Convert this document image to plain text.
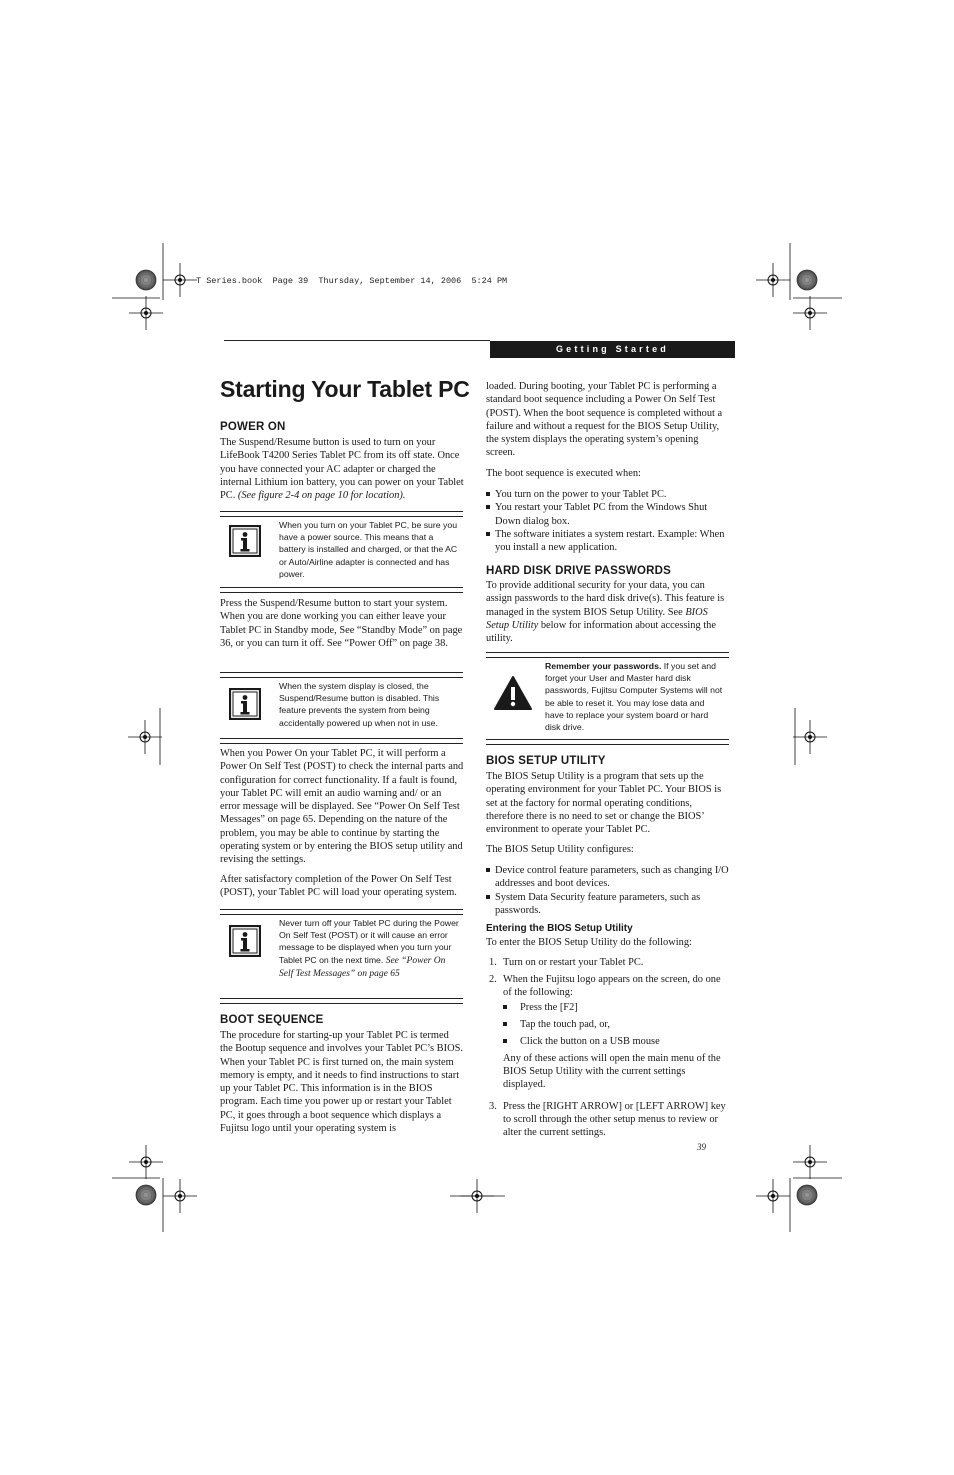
T Series.book  Page 39  Thursday, September 14, 2006  5:24 PM
Getting Started
Starting Your Tablet PC
POWER ON
The Suspend/Resume button is used to turn on your LifeBook T4200 Series Tablet PC from its off state. Once you have connected your AC adapter or charged the internal Lithium ion battery, you can power on your Tablet PC. (See figure 2-4 on page 10 for location).
When you turn on your Tablet PC, be sure you have a power source. This means that a battery is installed and charged, or that the AC or Auto/Airline adapter is connected and has power.
Press the Suspend/Resume button to start your system. When you are done working you can either leave your Tablet PC in Standby mode, See “Standby Mode” on page 36, or you can turn it off. See “Power Off” on page 38.
When the system display is closed, the Suspend/Resume button is disabled. This feature prevents the system from being accidentally powered up when not in use.
When you Power On your Tablet PC, it will perform a Power On Self Test (POST) to check the internal parts and configuration for correct functionality. If a fault is found, your Tablet PC will emit an audio warning and/ or an error message will be displayed. See “Power On Self Test Messages” on page 65. Depending on the nature of the problem, you may be able to continue by starting the operating system or by entering the BIOS setup utility and revising the settings.
After satisfactory completion of the Power On Self Test (POST), your Tablet PC will load your operating system.
Never turn off your Tablet PC during the Power On Self Test (POST) or it will cause an error message to be displayed when you turn your Tablet PC on the next time. See “Power On Self Test Messages” on page 65
BOOT SEQUENCE
The procedure for starting-up your Tablet PC is termed the Bootup sequence and involves your Tablet PC’s BIOS. When your Tablet PC is first turned on, the main system memory is empty, and it needs to find instructions to start up your Tablet PC. This information is in the BIOS program. Each time you power up or restart your Tablet PC, it goes through a boot sequence which displays a Fujitsu logo until your operating system is
loaded. During booting, your Tablet PC is performing a standard boot sequence including a Power On Self Test (POST). When the boot sequence is completed without a failure and without a request for the BIOS Setup Utility, the system displays the operating system’s opening screen.
The boot sequence is executed when:
You turn on the power to your Tablet PC.
You restart your Tablet PC from the Windows Shut Down dialog box.
The software initiates a system restart. Example: When you install a new application.
HARD DISK DRIVE PASSWORDS
To provide additional security for your data, you can assign passwords to the hard disk drive(s). This feature is managed in the system BIOS Setup Utility. See BIOS Setup Utility below for information about accessing the utility.
Remember your passwords. If you set and forget your User and Master hard disk passwords, Fujitsu Computer Systems will not be able to reset it. You may lose data and have to replace your system board or hard disk drive.
BIOS SETUP UTILITY
The BIOS Setup Utility is a program that sets up the operating environment for your Tablet PC. Your BIOS is set at the factory for normal operating conditions, therefore there is no need to set or change the BIOS’ environment to operate your Tablet PC.
The BIOS Setup Utility configures:
Device control feature parameters, such as changing I/O addresses and boot devices.
System Data Security feature parameters, such as passwords.
Entering the BIOS Setup Utility
To enter the BIOS Setup Utility do the following:
1. Turn on or restart your Tablet PC.
2. When the Fujitsu logo appears on the screen, do one of the following:
Press the [F2]
Tap the touch pad, or,
Click the button on a USB mouse
Any of these actions will open the main menu of the BIOS Setup Utility with the current settings displayed.
3. Press the [RIGHT ARROW] or [LEFT ARROW] key to scroll through the other setup menus to review or alter the current settings.
39
